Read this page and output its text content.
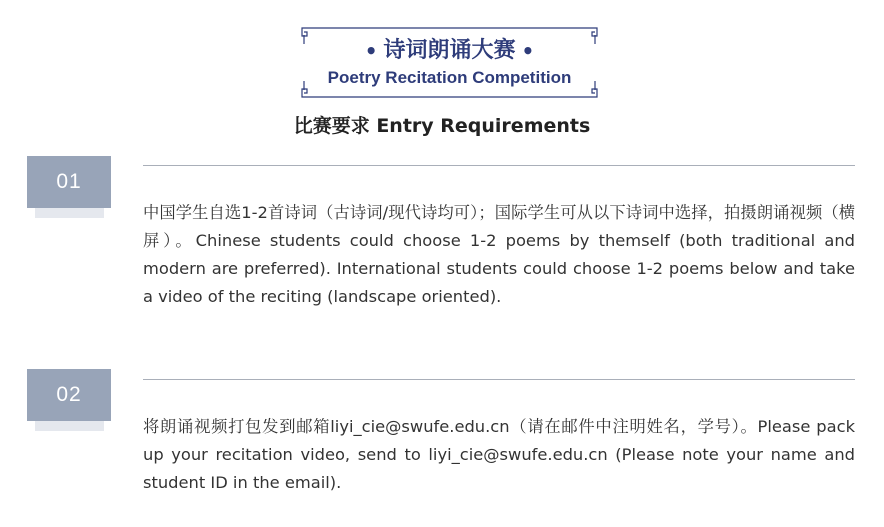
• 诗词朗诵大赛 •
Poetry Recitation Competition
比赛要求 Entry Requirements
01

中国学生自选1-2首诗词（古诗词/现代诗均可）；国际学生可从以下诗词中选择，拍摄朗诵视频（横屏）。Chinese students could choose 1-2 poems by themself (both traditional and modern are preferred). International students could choose 1-2 poems below and take a video of the reciting (landscape oriented).

02

将朗诵视频打包发到邮箱liyi_cie@swufe.edu.cn（请在邮件中注明姓名，学号）。Please pack up your recitation video, send to liyi_cie@swufe.edu.cn (Please note your name and student ID in the email).
